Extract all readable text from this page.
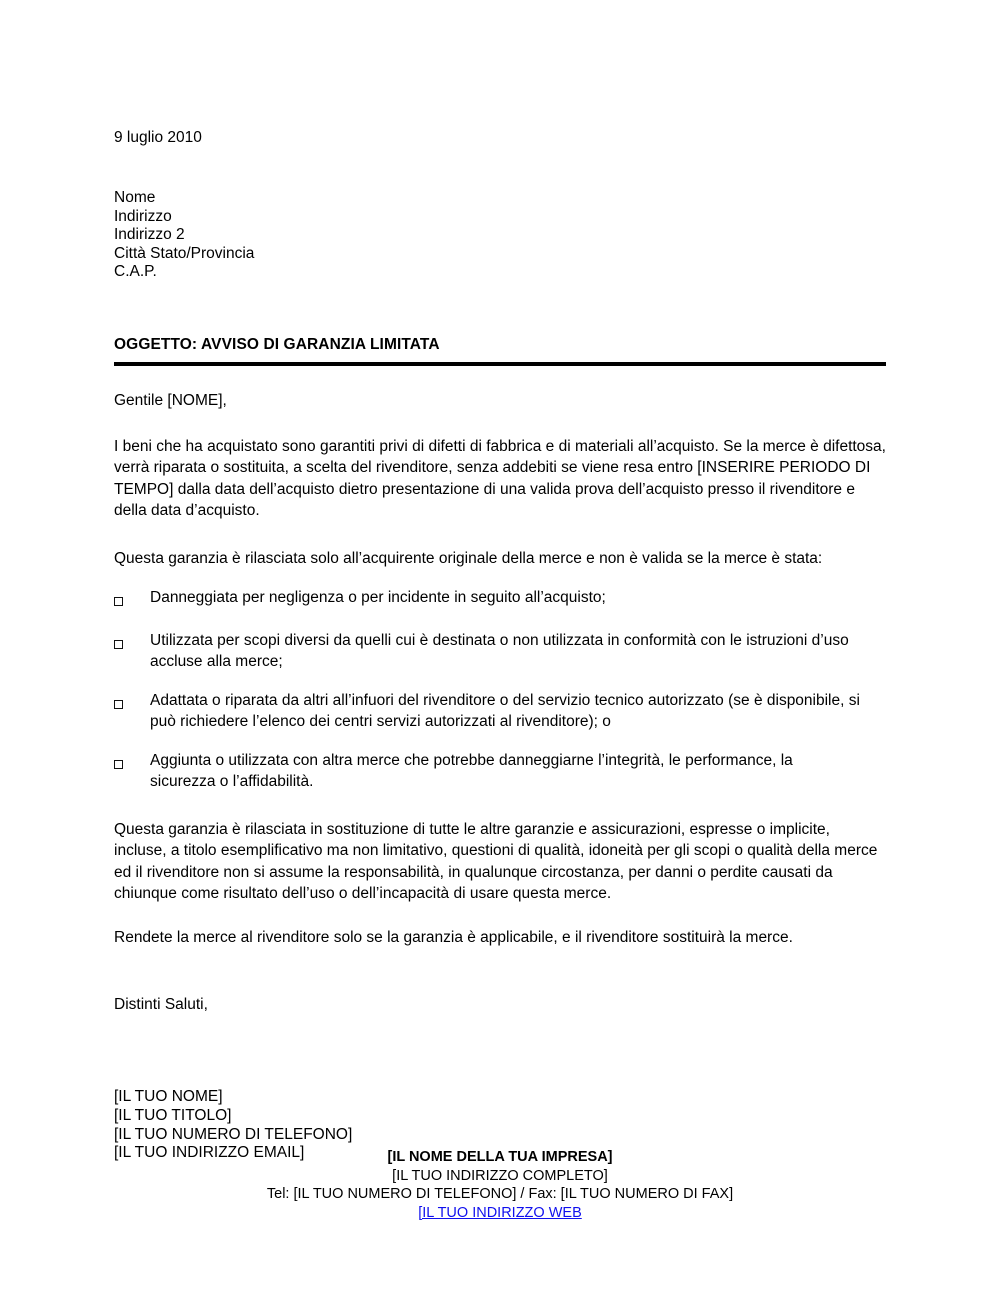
9 luglio 2010
Nome
Indirizzo
Indirizzo 2
Città Stato/Provincia
C.A.P.
OGGETTO: AVVISO DI GARANZIA LIMITATA
Gentile [NOME],
I beni che ha acquistato sono garantiti privi di difetti di fabbrica e di materiali all’acquisto. Se la merce è difettosa, verrà riparata o sostituita, a scelta del rivenditore, senza addebiti se viene resa entro [INSERIRE PERIODO DI TEMPO] dalla data dell’acquisto dietro presentazione di una valida prova dell’acquisto presso il rivenditore e della data d’acquisto.
Questa garanzia è rilasciata solo all’acquirente originale della merce e non è valida se la merce è stata:
Danneggiata per negligenza o per incidente in seguito all’acquisto;
Utilizzata per scopi diversi da quelli cui è destinata o non utilizzata in conformità con le istruzioni d’uso accluse alla merce;
Adattata o riparata da altri all’infuori del rivenditore o del servizio tecnico autorizzato (se è disponibile, si può richiedere l’elenco dei centri servizi autorizzati al rivenditore); o
Aggiunta o utilizzata con altra merce che potrebbe danneggiarne l’integrità, le performance, la sicurezza o l’affidabilità.
Questa garanzia è rilasciata in sostituzione di tutte le altre garanzie e assicurazioni, espresse o implicite, incluse, a titolo esemplificativo ma non limitativo, questioni di qualità, idoneità per gli scopi o qualità della merce ed il rivenditore non si assume la responsabilità, in qualunque circostanza, per danni o perdite causati da chiunque come risultato dell’uso o dell’incapacità di usare questa merce.
Rendete la merce al rivenditore solo se la garanzia è applicabile, e il rivenditore sostituirà la merce.
Distinti Saluti,
[IL TUO NOME]
[IL TUO TITOLO]
[IL TUO NUMERO DI TELEFONO]
[IL TUO INDIRIZZO EMAIL]	[IL NOME DELLA TUA IMPRESA]
[IL TUO INDIRIZZO COMPLETO]
Tel: [IL TUO NUMERO DI TELEFONO] / Fax: [IL TUO NUMERO DI FAX]
[IL TUO INDIRIZZO WEB
